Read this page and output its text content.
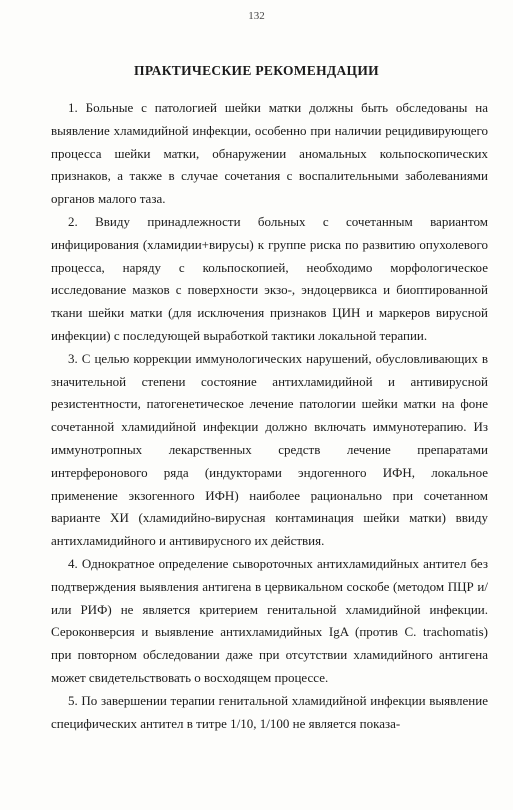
132
ПРАКТИЧЕСКИЕ РЕКОМЕНДАЦИИ

1. Больные с патологией шейки матки должны быть обследованы на выявление хламидийной инфекции, особенно при наличии рецидивирующего процесса шейки матки, обнаружении аномальных кольпоскопических признаков, а также в случае сочетания с воспалительными заболеваниями органов малого таза.

2. Ввиду принадлежности больных с сочетанным вариантом инфицирования (хламидии+вирусы) к группе риска по развитию опухолевого процесса, наряду с кольпоскопией, необходимо морфологическое исследование мазков с поверхности экзо-, эндоцервикса и биоптированной ткани шейки матки (для исключения признаков ЦИН и маркеров вирусной инфекции) с последующей выработкой тактики локальной терапии.

3. С целью коррекции иммунологических нарушений, обусловливающих в значительной степени состояние антихламидийной и антивирусной резистентности, патогенетическое лечение патологии шейки матки на фоне сочетанной хламидийной инфекции должно включать иммунотерапию. Из иммунотропных лекарственных средств лечение препаратами интерферонового ряда (индукторами эндогенного ИФН, локальное применение экзогенного ИФН) наиболее рационально при сочетанном варианте ХИ (хламидийно-вирусная контаминация шейки матки) ввиду антихламидийного и антивирусного их действия.

4. Однократное определение сывороточных антихламидийных антител без подтверждения выявления антигена в цервикальном соскобе (методом ПЦР и/или РИФ) не является критерием генитальной хламидийной инфекции. Сероконверсия и выявление антихламидийных IgA (против C. trachomatis) при повторном обследовании даже при отсутствии хламидийного антигена может свидетельствовать о восходящем процессе.

5. По завершении терапии генитальной хламидийной инфекции выявление специфических антител в титре 1/10, 1/100 не является показа-
